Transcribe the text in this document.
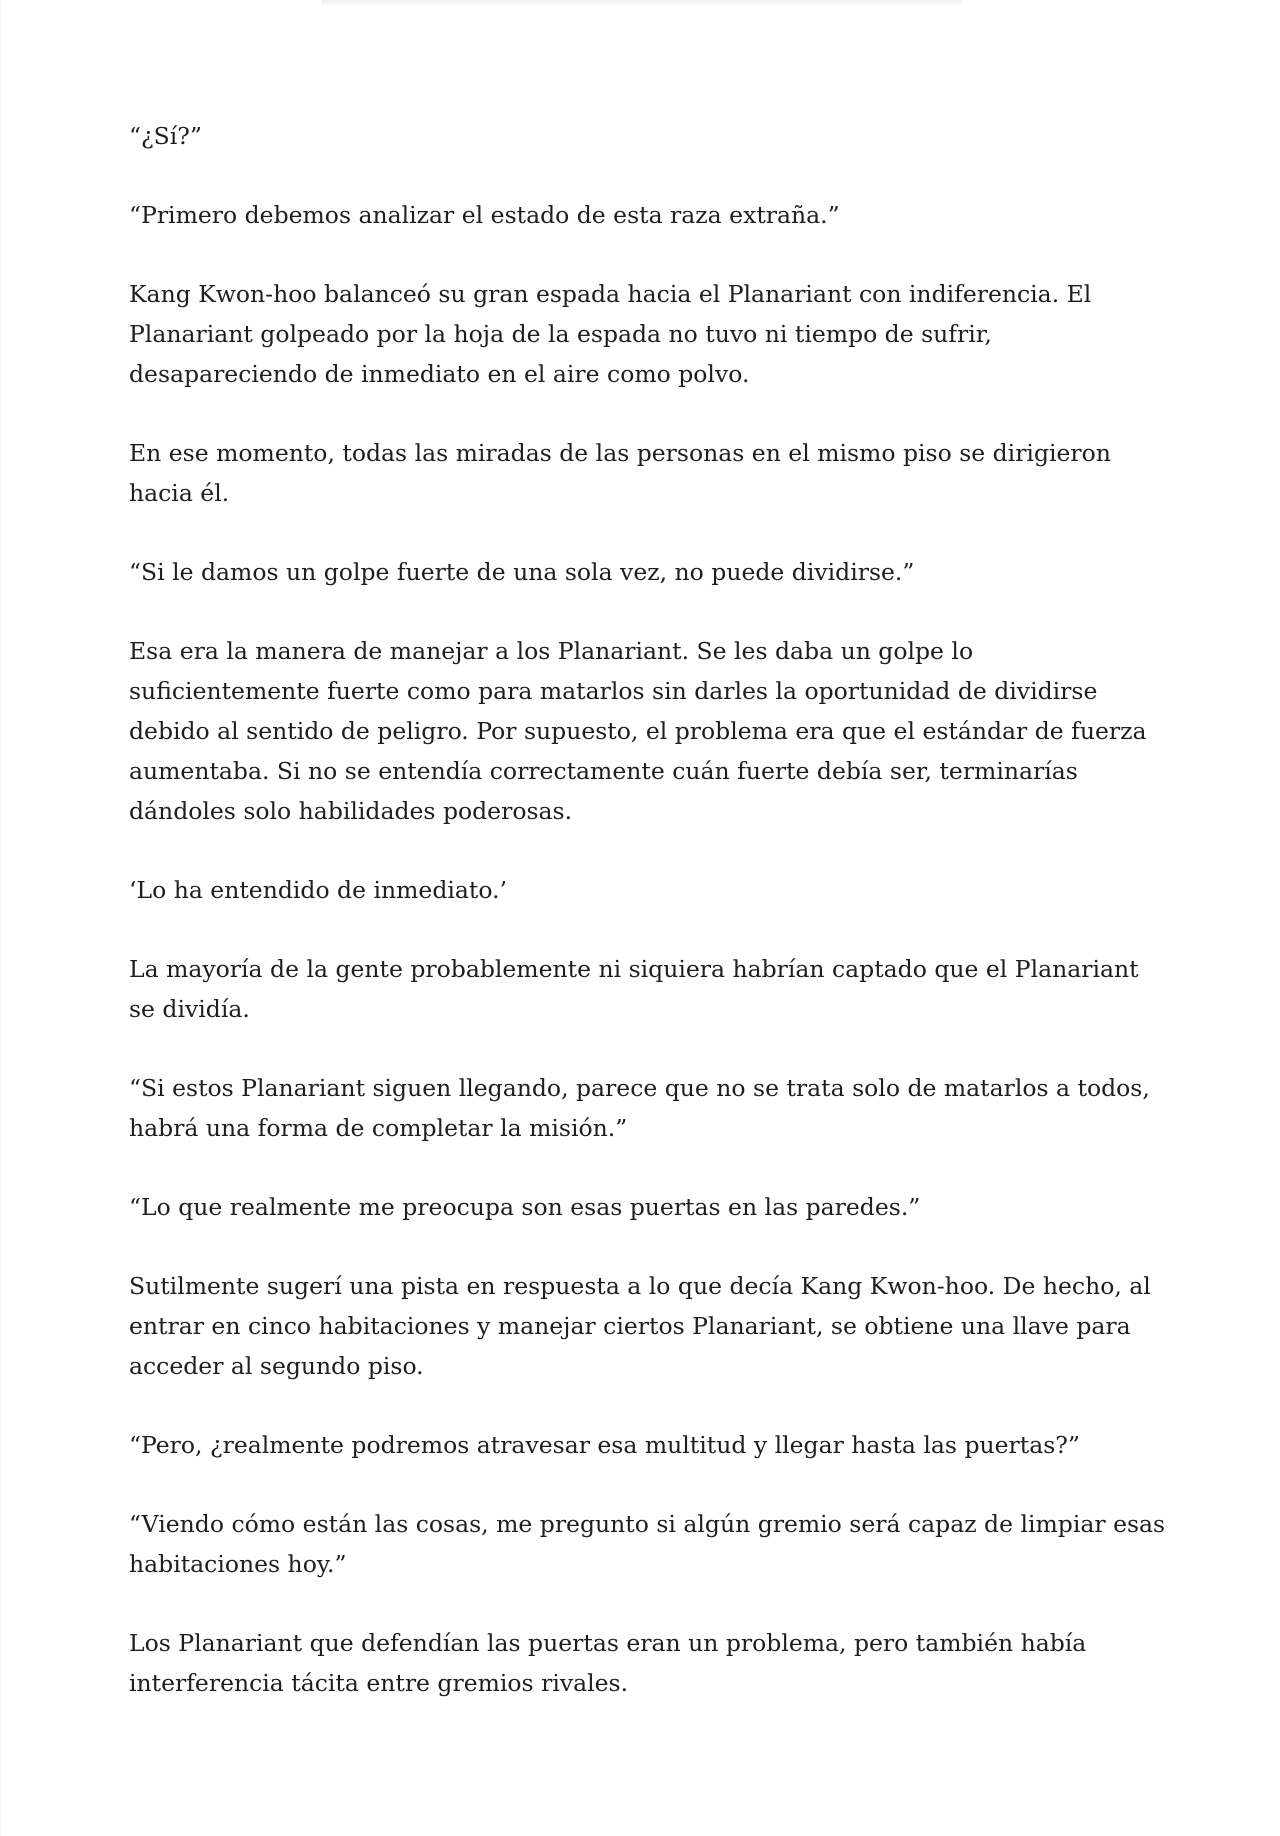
“¿Sí?”

“Primero debemos analizar el estado de esta raza extraña.”

Kang Kwon-hoo balanceó su gran espada hacia el Planariant con indiferencia. El Planariant golpeado por la hoja de la espada no tuvo ni tiempo de sufrir, desapareciendo de inmediato en el aire como polvo.

En ese momento, todas las miradas de las personas en el mismo piso se dirigieron hacia él.

“Si le damos un golpe fuerte de una sola vez, no puede dividirse.”

Esa era la manera de manejar a los Planariant. Se les daba un golpe lo suficientemente fuerte como para matarlos sin darles la oportunidad de dividirse debido al sentido de peligro. Por supuesto, el problema era que el estándar de fuerza aumentaba. Si no se entendía correctamente cuán fuerte debía ser, terminarías dándoles solo habilidades poderosas.

‘Lo ha entendido de inmediato.’

La mayoría de la gente probablemente ni siquiera habrían captado que el Planariant se dividía.

“Si estos Planariant siguen llegando, parece que no se trata solo de matarlos a todos, habrá una forma de completar la misión.”

“Lo que realmente me preocupa son esas puertas en las paredes.”

Sutilmente sugerí una pista en respuesta a lo que decía Kang Kwon-hoo. De hecho, al entrar en cinco habitaciones y manejar ciertos Planariant, se obtiene una llave para acceder al segundo piso.

“Pero, ¿realmente podremos atravesar esa multitud y llegar hasta las puertas?”

“Viendo cómo están las cosas, me pregunto si algún gremio será capaz de limpiar esas habitaciones hoy.”

Los Planariant que defendían las puertas eran un problema, pero también había interferencia tácita entre gremios rivales.
